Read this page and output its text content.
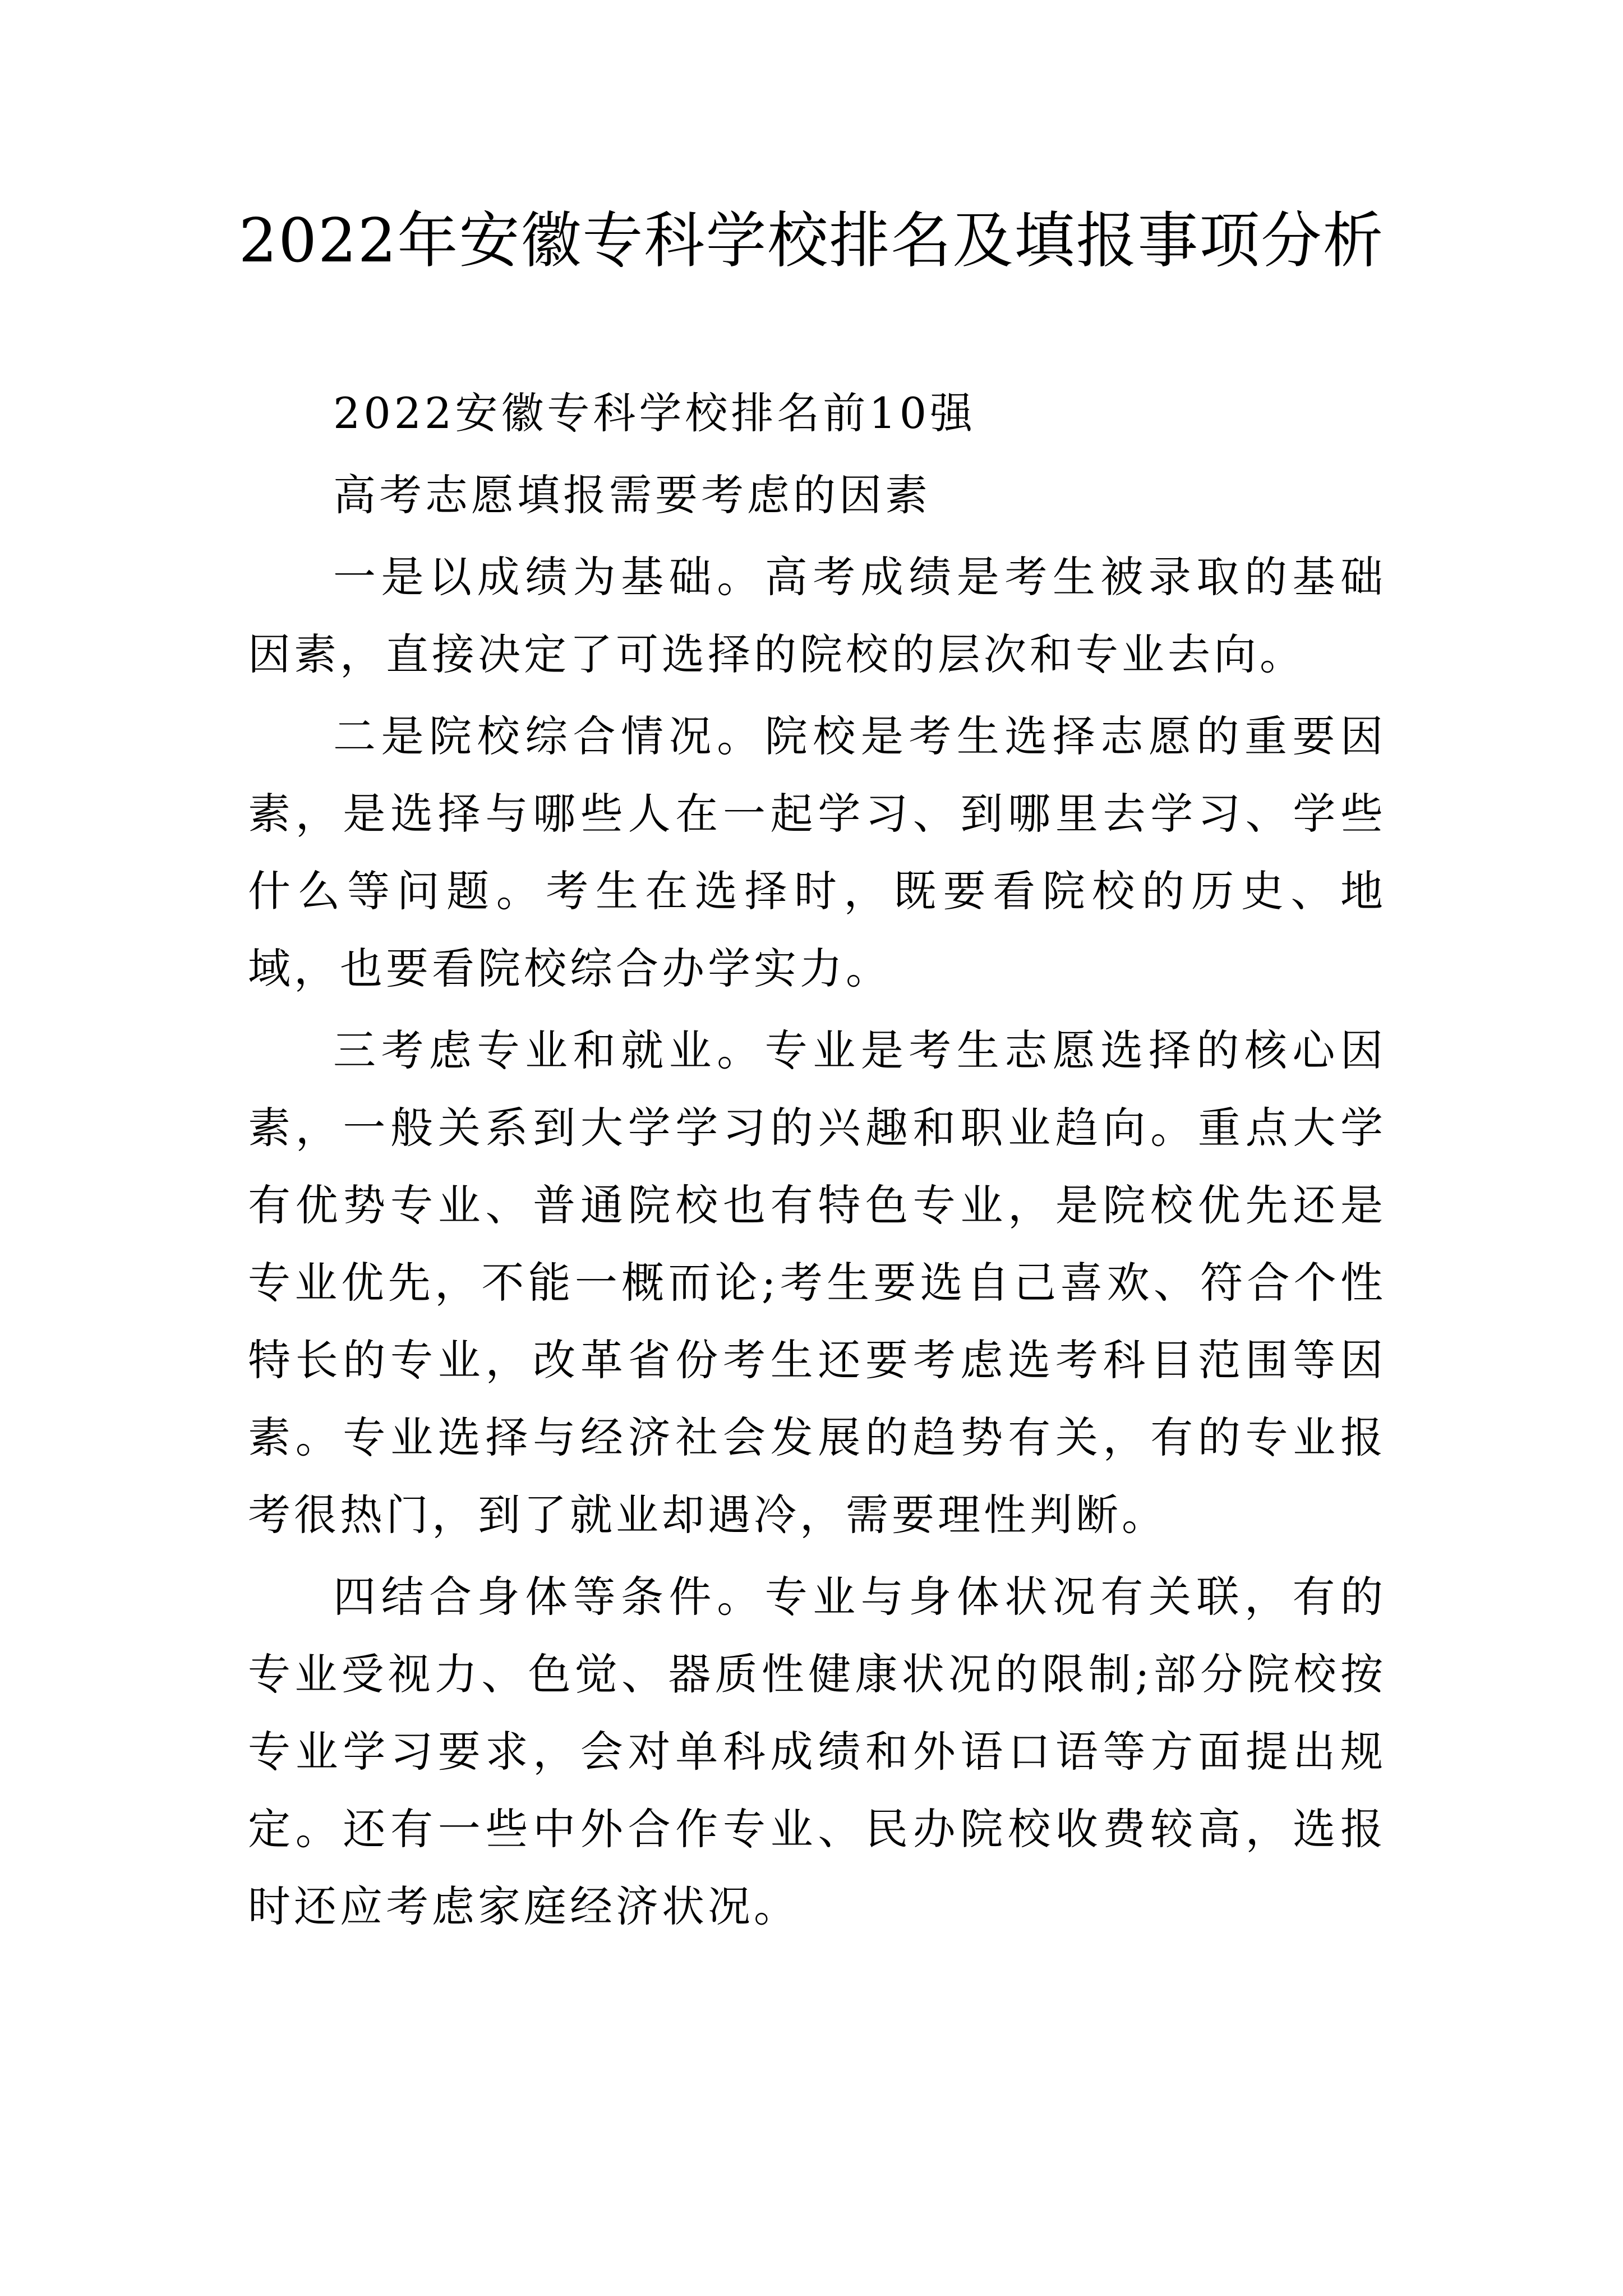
2022年安徽专科学校排名及填报事项分析

2022安徽专科学校排名前10强

高考志愿填报需要考虑的因素

一是以成绩为基础。高考成绩是考生被录取的基础因素，直接决定了可选择的院校的层次和专业去向。

二是院校综合情况。院校是考生选择志愿的重要因素，是选择与哪些人在一起学习、到哪里去学习、学些什么等问题。考生在选择时，既要看院校的历史、地域，也要看院校综合办学实力。

三考虑专业和就业。专业是考生志愿选择的核心因素，一般关系到大学学习的兴趣和职业趋向。重点大学有优势专业、普通院校也有特色专业，是院校优先还是专业优先，不能一概而论;考生要选自己喜欢、符合个性特长的专业，改革省份考生还要考虑选考科目范围等因素。专业选择与经济社会发展的趋势有关，有的专业报考很热门，到了就业却遇冷，需要理性判断。

四结合身体等条件。专业与身体状况有关联，有的专业受视力、色觉、器质性健康状况的限制;部分院校按专业学习要求，会对单科成绩和外语口语等方面提出规定。还有一些中外合作专业、民办院校收费较高，选报时还应考虑家庭经济状况。
